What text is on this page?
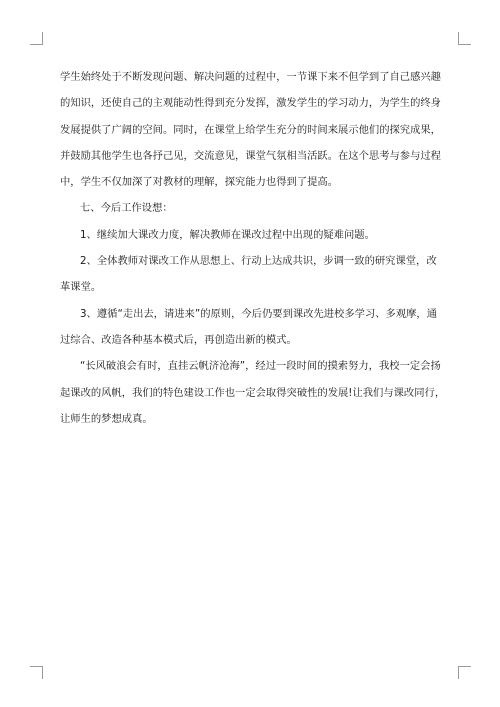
学生始终处于不断发现问题、解决问题的过程中，一节课下来不但学到了自己感兴趣
的知识，还使自己的主观能动性得到充分发挥，激发学生的学习动力，为学生的终身
发展提供了广阔的空间。同时，在课堂上给学生充分的时间来展示他们的探究成果，
并鼓励其他学生也各抒己见，交流意见，课堂气氛相当活跃。在这个思考与参与过程
中，学生不仅加深了对教材的理解，探究能力也得到了提高。

七、今后工作设想：

1、继续加大课改力度，解决教师在课改过程中出现的疑难问题。

2、全体教师对课改工作从思想上、行动上达成共识，步调一致的研究课堂，改
革课堂。

3、遵循“走出去，请进来”的原则，今后仍要到课改先进校多学习、多观摩，通
过综合、改造各种基本模式后，再创造出新的模式。

“长风破浪会有时，直挂云帆济沧海”，经过一段时间的摸索努力，我校一定会扬
起课改的风帆，我们的特色建设工作也一定会取得突破性的发展!让我们与课改同行，
让师生的梦想成真。
